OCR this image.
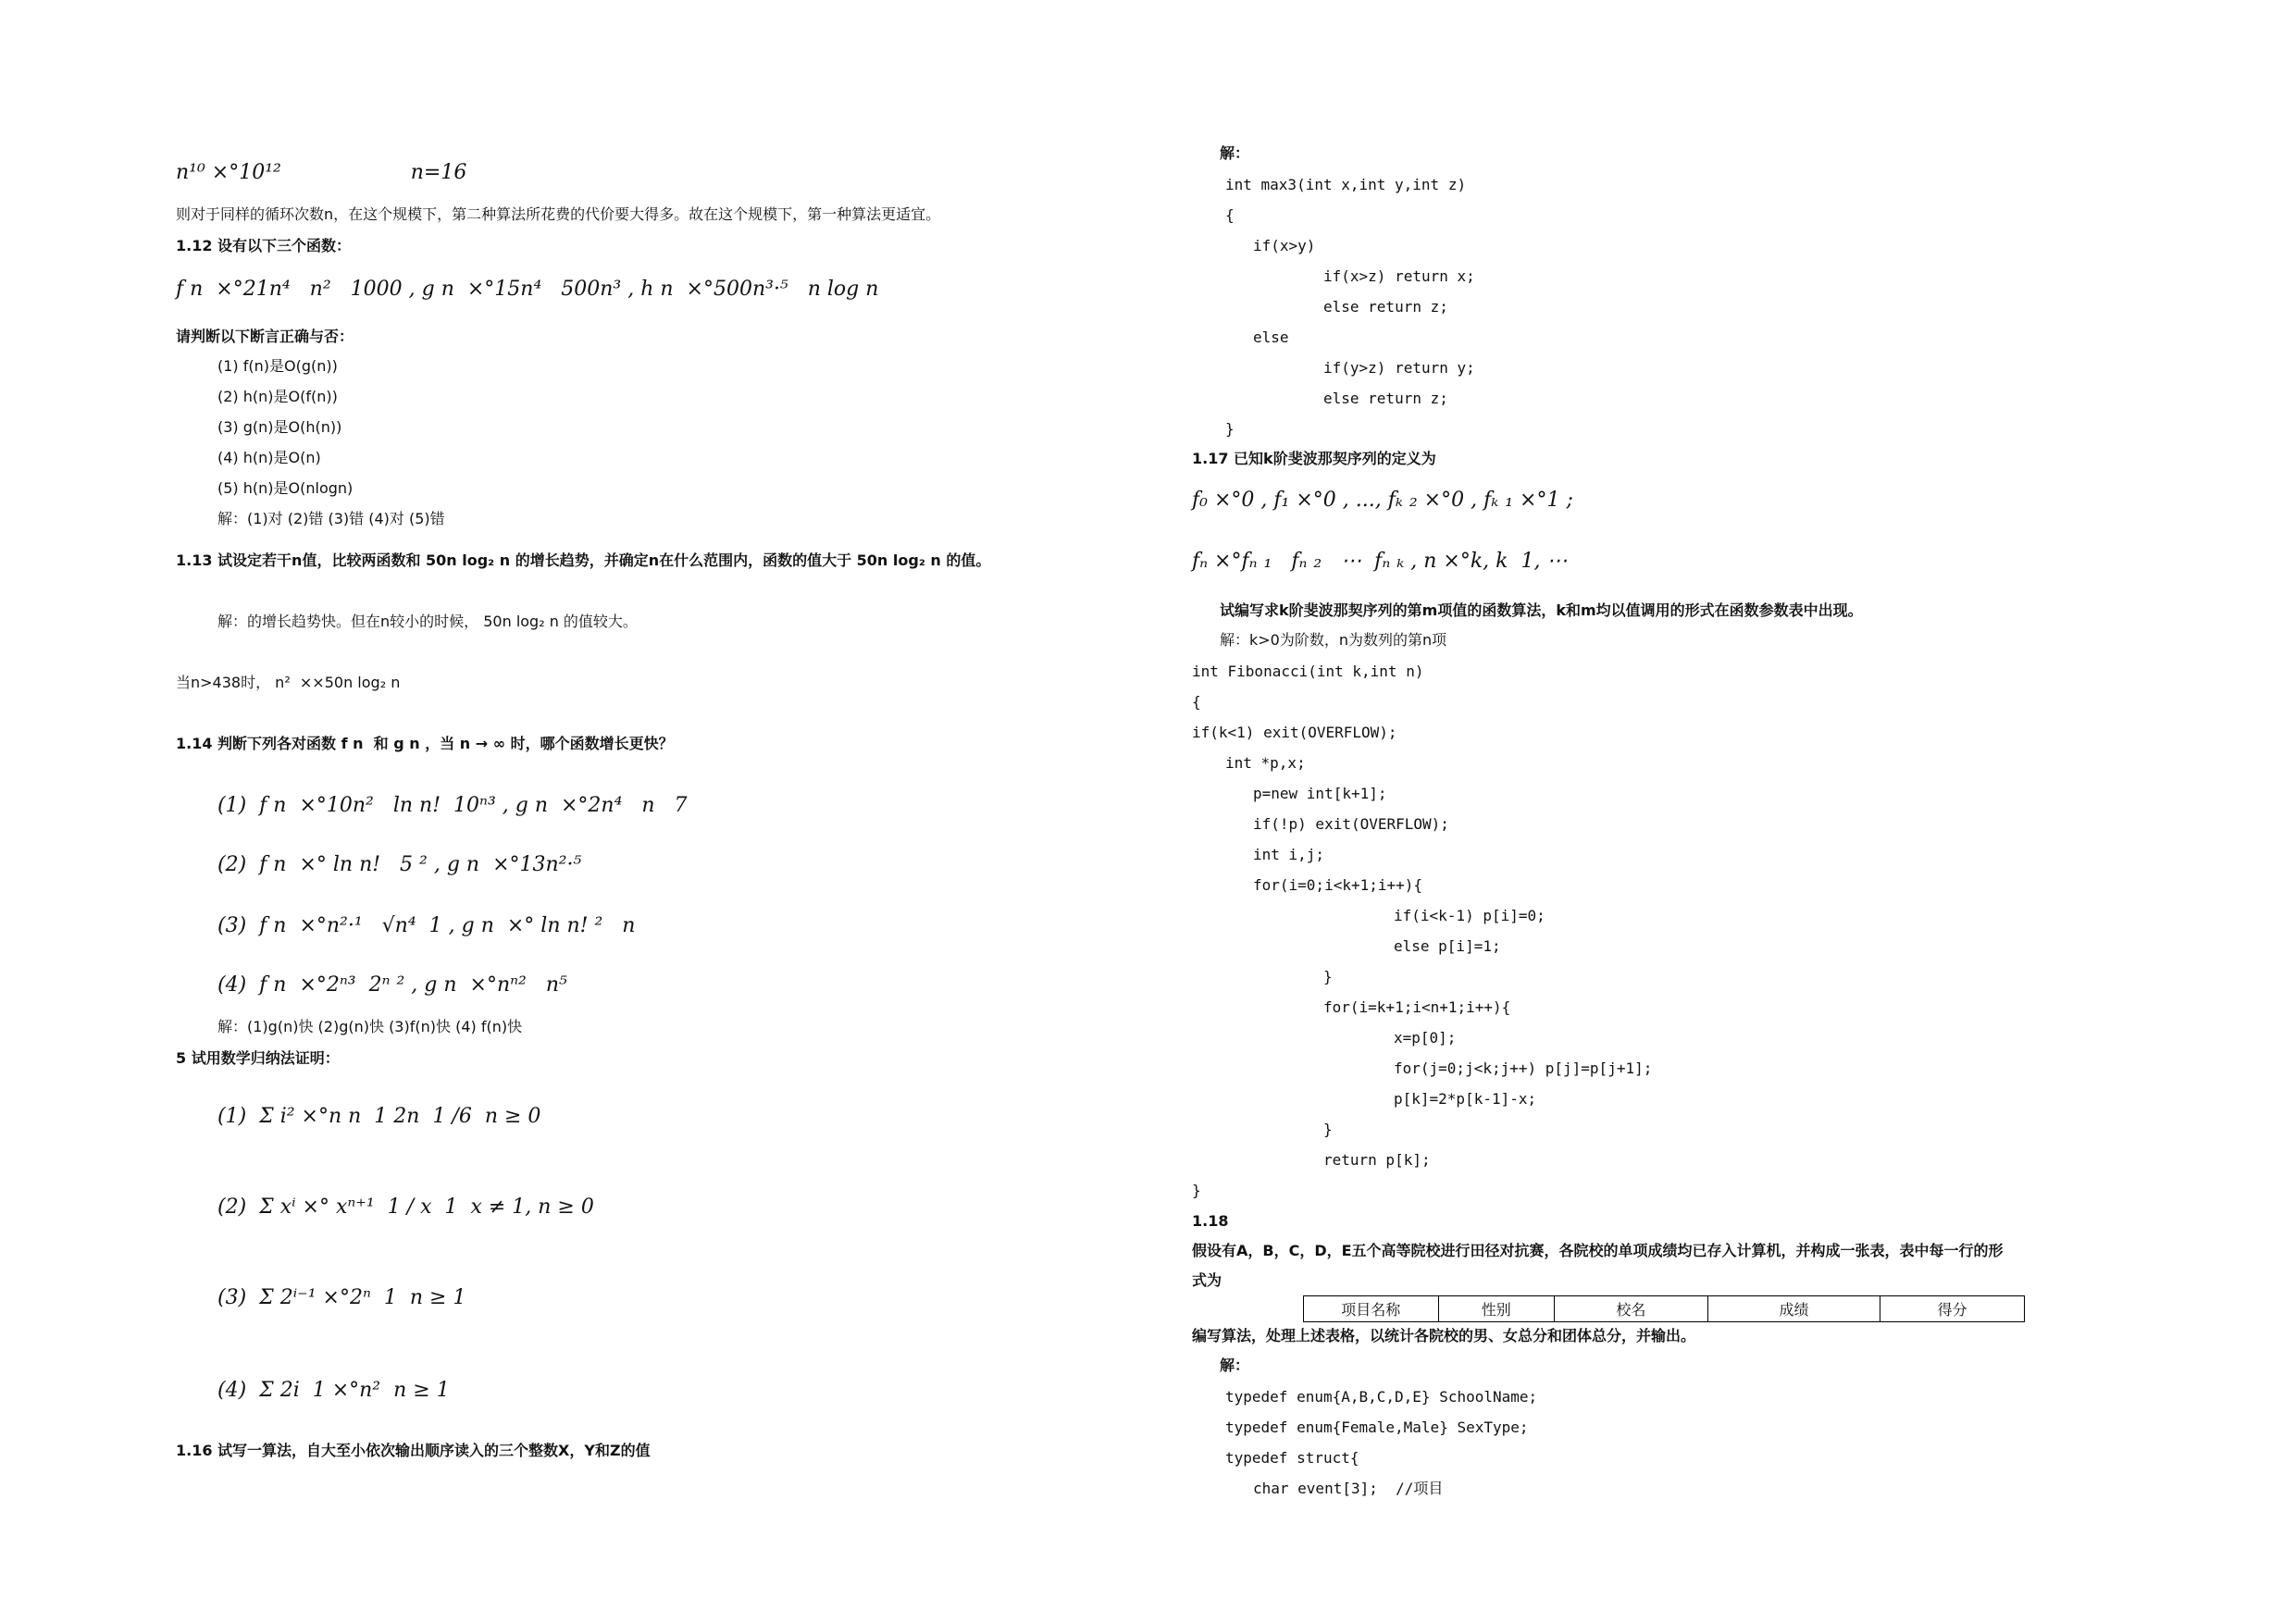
n¹⁰ ×°10¹²                    n=16
则对于同样的循环次数n，在这个规模下，第二种算法所花费的代价要大得多。故在这个规模下，第一种算法更适宜。
1.12 设有以下三个函数：
f n  ×°21n⁴   n²   1000 , g n  ×°15n⁴   500n³ , h n  ×°500n³·⁵   n log n
请判断以下断言正确与否：
(1) f(n)是O(g(n))
(2) h(n)是O(f(n))
(3) g(n)是O(h(n))
(4) h(n)是O(n)
(5) h(n)是O(nlogn)
解：(1)对 (2)错 (3)错 (4)对 (5)错
1.13 试设定若干n值，比较两函数和 50n log₂ n 的增长趋势，并确定n在什么范围内，函数的值大于 50n log₂ n 的值。
解：的增长趋势快。但在n较小的时候， 50n log₂ n 的值较大。
当n>438时， n²  ××50n log₂ n
1.14 判断下列各对函数 f n  和 g n ，当 n → ∞ 时，哪个函数增长更快？
(1)  f n  ×°10n²   ln n!  10ⁿ³ , g n  ×°2n⁴   n   7
(2)  f n  ×° ln n!   5 ² , g n  ×°13n²·⁵
(3)  f n  ×°n²·¹   √n⁴  1 , g n  ×° ln n! ²   n
(4)  f n  ×°2ⁿ³  2ⁿ ² , g n  ×°nⁿ²   n⁵
解：(1)g(n)快 (2)g(n)快 (3)f(n)快 (4) f(n)快
5 试用数学归纳法证明：
(1)  Σ i² ×°n n  1 2n  1 /6  n ≥ 0
(2)  Σ xⁱ ×° xⁿ⁺¹  1 / x  1  x ≠ 1, n ≥ 0
(3)  Σ 2ⁱ⁻¹ ×°2ⁿ  1  n ≥ 1
(4)  Σ 2i  1 ×°n²  n ≥ 1
1.16 试写一算法，自大至小依次输出顺序读入的三个整数X，Y和Z的值
解：
int max3(int x,int y,int z)
{
if(x>y)
if(x>z) return x;
else return z;
else
if(y>z) return y;
else return z;
}
1.17 已知k阶斐波那契序列的定义为
f₀ ×°0 , f₁ ×°0 , ..., fₖ ₂ ×°0 , fₖ ₁ ×°1 ;
fₙ ×°fₙ ₁   fₙ ₂   ⋯  fₙ ₖ , n ×°k, k  1, ⋯
试编写求k阶斐波那契序列的第m项值的函数算法，k和m均以值调用的形式在函数参数表中出现。
解：k>0为阶数，n为数列的第n项
int Fibonacci(int k,int n)
{
if(k<1) exit(OVERFLOW);
int *p,x;
p=new int[k+1];
if(!p) exit(OVERFLOW);
int i,j;
for(i=0;i<k+1;i++){
if(i<k-1) p[i]=0;
else p[i]=1;
}
for(i=k+1;i<n+1;i++){
x=p[0];
for(j=0;j<k;j++) p[j]=p[j+1];
p[k]=2*p[k-1]-x;
}
return p[k];
}
1.18
假设有A，B，C，D，E五个高等院校进行田径对抗赛，各院校的单项成绩均已存入计算机，并构成一张表，表中每一行的形
式为
项目名称	性别	校名	成绩	得分
编写算法，处理上述表格，以统计各院校的男、女总分和团体总分，并输出。
解：
typedef enum{A,B,C,D,E} SchoolName;
typedef enum{Female,Male} SexType;
typedef struct{
char event[3];  //项目
